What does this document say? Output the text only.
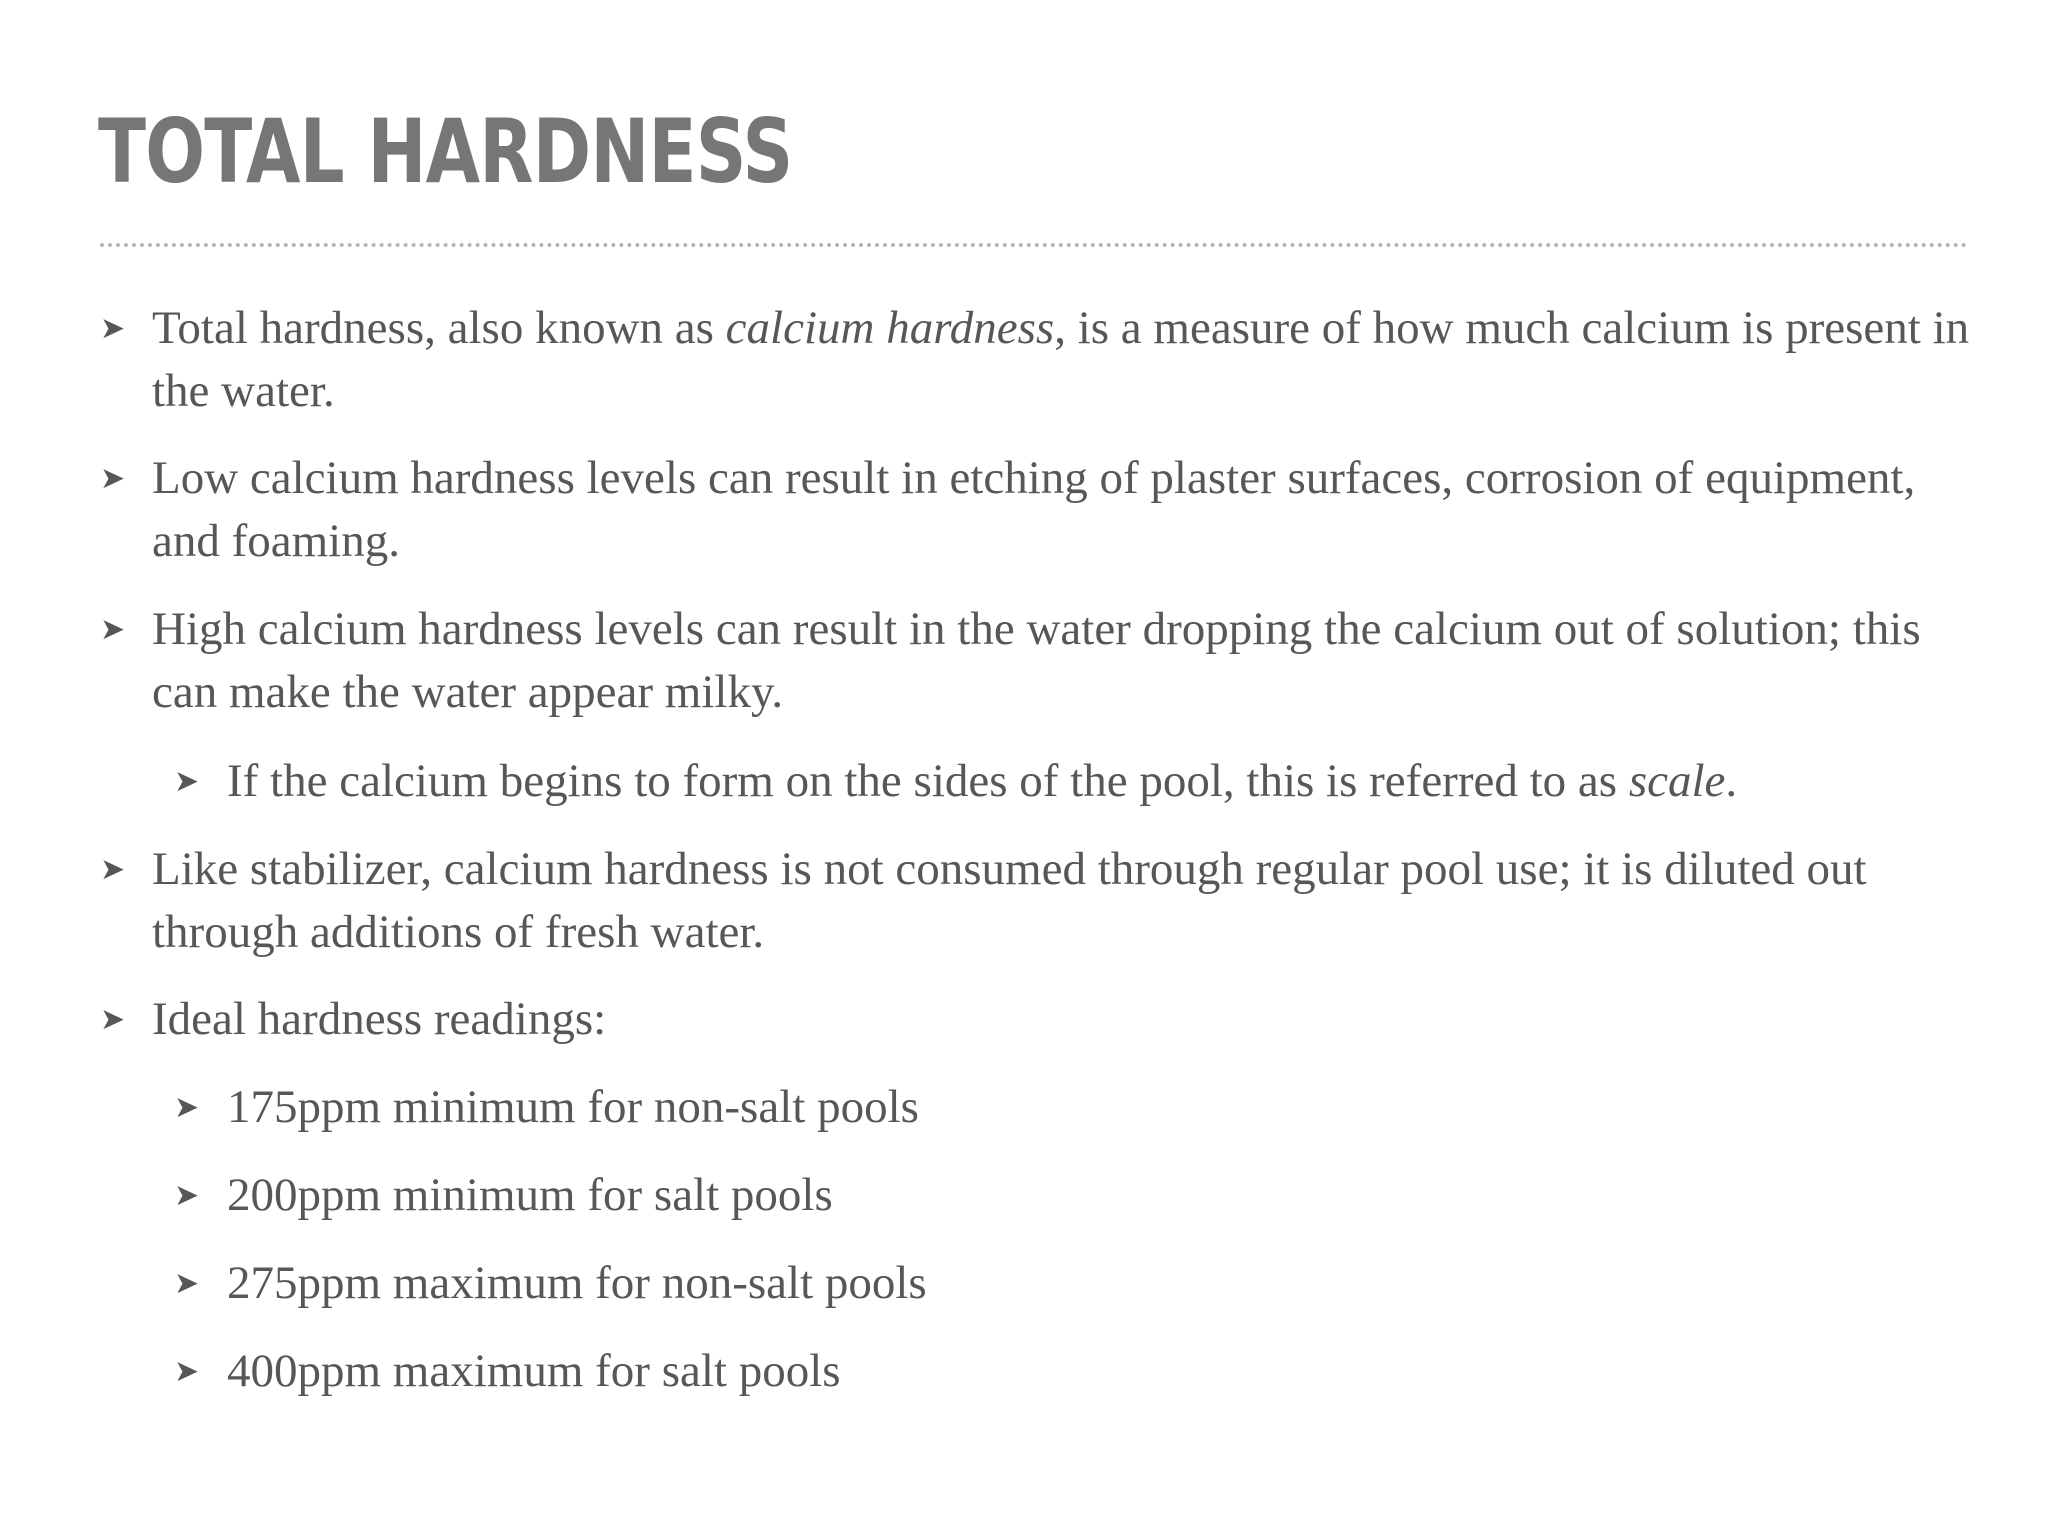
TOTAL HARDNESS
➤ Total hardness, also known as calcium hardness, is a measure of how much calcium is present in the water.
➤ Low calcium hardness levels can result in etching of plaster surfaces, corrosion of equipment, and foaming.
➤ High calcium hardness levels can result in the water dropping the calcium out of solution; this can make the water appear milky.
➤ If the calcium begins to form on the sides of the pool, this is referred to as scale.
➤ Like stabilizer, calcium hardness is not consumed through regular pool use; it is diluted out through additions of fresh water.
➤ Ideal hardness readings:
➤ 175ppm minimum for non-salt pools
➤ 200ppm minimum for salt pools
➤ 275ppm maximum for non-salt pools
➤ 400ppm maximum for salt pools
